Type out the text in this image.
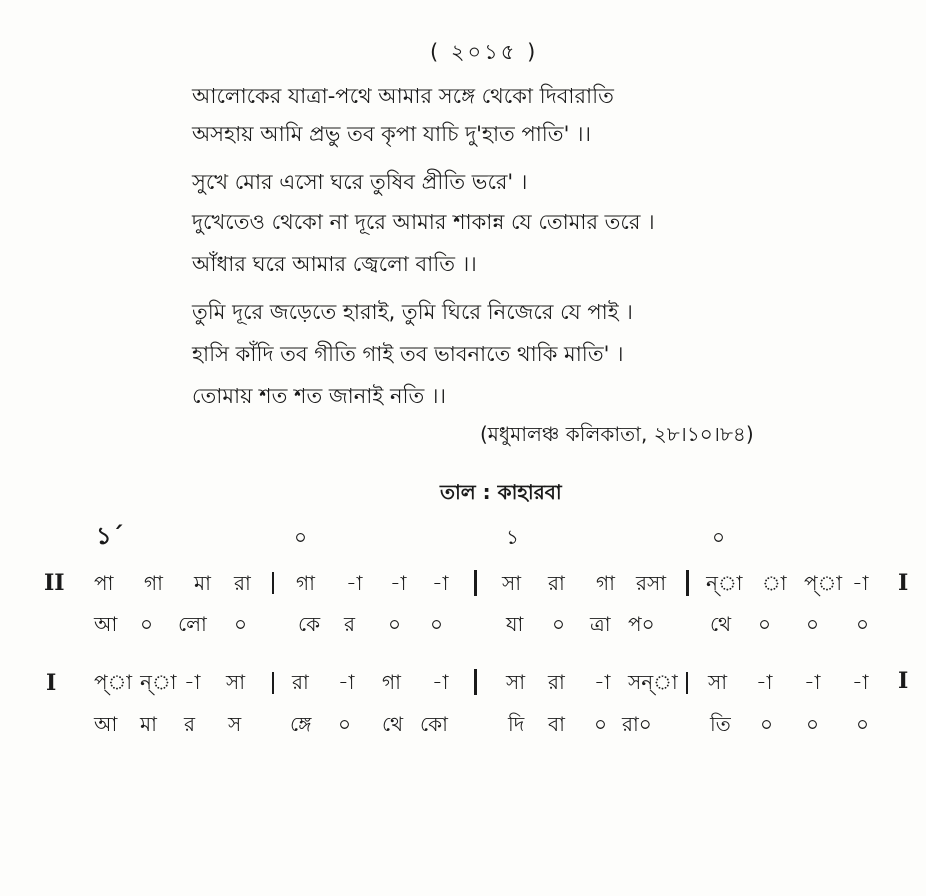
( ২০১৫ )
আলোকের যাত্রা-পথে আমার সঙ্গে থেকো দিবারাতি
অসহায় আমি প্রভু তব কৃপা যাচি দু'হাত পাতি' ।।
সুখে মোর এসো ঘরে তুষিব প্রীতি ভরে' ।
দুখেতেও থেকো না দূরে আমার শাকান্ন যে তোমার তরে ।
আঁধার ঘরে আমার জ্বেলো বাতি ।।
তুমি দূরে জড়েতে হারাই, তুমি ঘিরে নিজেরে যে পাই ।
হাসি কাঁদি তব গীতি গাই তব ভাবনাতে থাকি মাতি' ।
তোমায় শত শত জানাই নতি ।।
(মধুমালঞ্চ কলিকাতা, ২৮।১০।৮৪)
তাল : কাহারবা
১´	০	১	০
II পা গা মা রা গা -া -া -া	সা রা গা রসা ন্া া প্া -া I
আ ০ লো ০	কে র ০ ০	যা ০ ত্রা প০	থে ০ ০ ০
I প্া ন্া -া সা রা -া গা -া	সা রা -া সন্া সা -া -া -া I
আ মা র স ঙ্গে ০ থে কো	দি বা ০ রা০	তি ০ ০ ০
